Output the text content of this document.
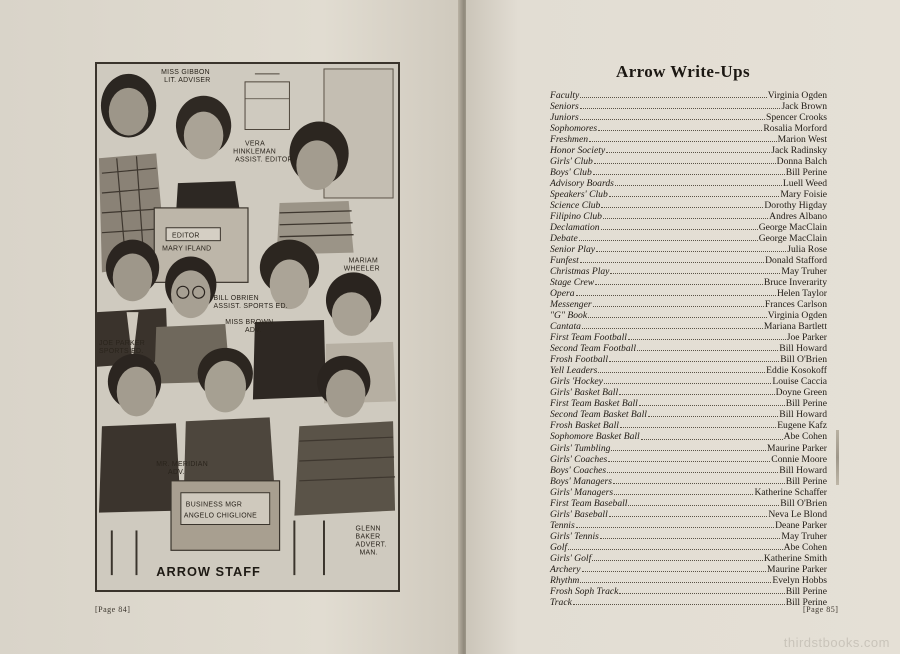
MISS GIBBON
LIT. ADVISER
VERA
HINKLEMAN
ASSIST. EDITOR
EDITOR
MARY IFLAND
MARIAM
WHEELER
BILL OBRIEN
ASSIST. SPORTS ED.
JOE PARKER
SPORTS ED.
MISS BROWN
ADV.
MR. MERIDIAN
ADV.
BUSINESS MGR
ANGELO CHIGLIONE
GLENN
BAKER
ADVERT.
MAN.
ARROW STAFF
[Page 84]
Arrow Write-Ups
Faculty	Virginia Ogden
Seniors	Jack Brown
Juniors	Spencer Crooks
Sophomores	Rosalia Morford
Freshmen	Marion West
Honor Society	Jack Radinsky
Girls' Club	Donna Balch
Boys' Club	Bill Perine
Advisory Boards	Luell Weed
Speakers' Club	Mary Foisie
Science Club	Dorothy Higday
Filipino Club	Andres Albano
Declamation	George MacClain
Debate	George MacClain
Senior Play	Julia Rose
Funfest	Donald Stafford
Christmas Play	May Truher
Stage Crew	Bruce Inverarity
Opera	Helen Taylor
Messenger	Frances Carlson
"G" Book	Virginia Ogden
Cantata	Mariana Bartlett
First Team Football	Joe Parker
Second Team Football	Bill Howard
Frosh Football	Bill O'Brien
Yell Leaders	Eddie Kosokoff
Girls 'Hockey	Louise Caccia
Girls' Basket Ball	Doyne Green
First Team Basket Ball	Bill Perine
Second Team Basket Ball	Bill Howard
Frosh Basket Ball	Eugene Kafz
Sophomore Basket Ball	Abe Cohen
Girls' Tumbling	Maurine Parker
Girls' Coaches	Connie Moore
Boys' Coaches	Bill Howard
Boys' Managers	Bill Perine
Girls' Managers	Katherine Schaffer
First Team Baseball	Bill O'Brien
Girls' Baseball	Neva Le Blond
Tennis	Deane Parker
Girls' Tennis	May Truher
Golf	Abe Cohen
Girls' Golf	Katherine Smith
Archery	Maurine Parker
Rhythm	Evelyn Hobbs
Frosh Soph Track	Bill Perine
Track	Bill Perine
[Page 85]
thirdstbooks.com
